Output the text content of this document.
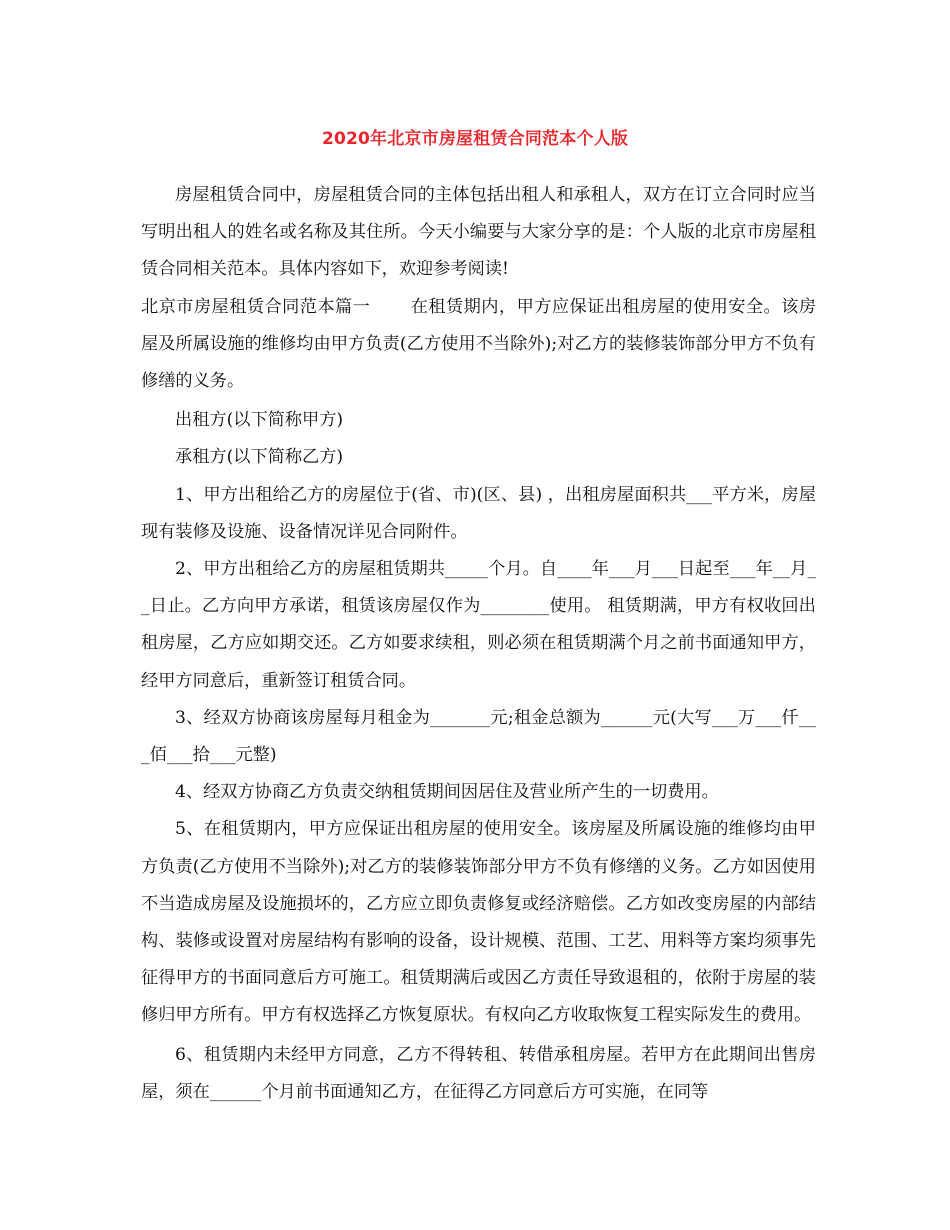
2020年北京市房屋租赁合同范本个人版

房屋租赁合同中，房屋租赁合同的主体包括出租人和承租人，双方在订立合同时应当写明出租人的姓名或名称及其住所。今天小编要与大家分享的是：个人版的北京市房屋租赁合同相关范本。具体内容如下，欢迎参考阅读!

北京市房屋租赁合同范本篇一 在租赁期内，甲方应保证出租房屋的使用安全。该房屋及所属设施的维修均由甲方负责(乙方使用不当除外);对乙方的装修装饰部分甲方不负有修缮的义务。

出租方(以下简称甲方)

承租方(以下简称乙方)

1、甲方出租给乙方的房屋位于(省、市)(区、县) ，出租房屋面积共___平方米，房屋现有装修及设施、设备情况详见合同附件。

2、甲方出租给乙方的房屋租赁期共_____个月。自____年___月___日起至___年__月__日止。乙方向甲方承诺，租赁该房屋仅作为________使用。 租赁期满，甲方有权收回出租房屋，乙方应如期交还。乙方如要求续租，则必须在租赁期满个月之前书面通知甲方，经甲方同意后，重新签订租赁合同。

3、经双方协商该房屋每月租金为_______元;租金总额为______元(大写___万___仟___佰___拾___元整)

4、经双方协商乙方负责交纳租赁期间因居住及营业所产生的一切费用。

5、在租赁期内，甲方应保证出租房屋的使用安全。该房屋及所属设施的维修均由甲方负责(乙方使用不当除外);对乙方的装修装饰部分甲方不负有修缮的义务。乙方如因使用不当造成房屋及设施损坏的，乙方应立即负责修复或经济赔偿。乙方如改变房屋的内部结构、装修或设置对房屋结构有影响的设备，设计规模、范围、工艺、用料等方案均须事先征得甲方的书面同意后方可施工。租赁期满后或因乙方责任导致退租的，依附于房屋的装修归甲方所有。甲方有权选择乙方恢复原状。有权向乙方收取恢复工程实际发生的费用。

6、租赁期内未经甲方同意，乙方不得转租、转借承租房屋。若甲方在此期间出售房屋，须在______个月前书面通知乙方，在征得乙方同意后方可实施，在同等
